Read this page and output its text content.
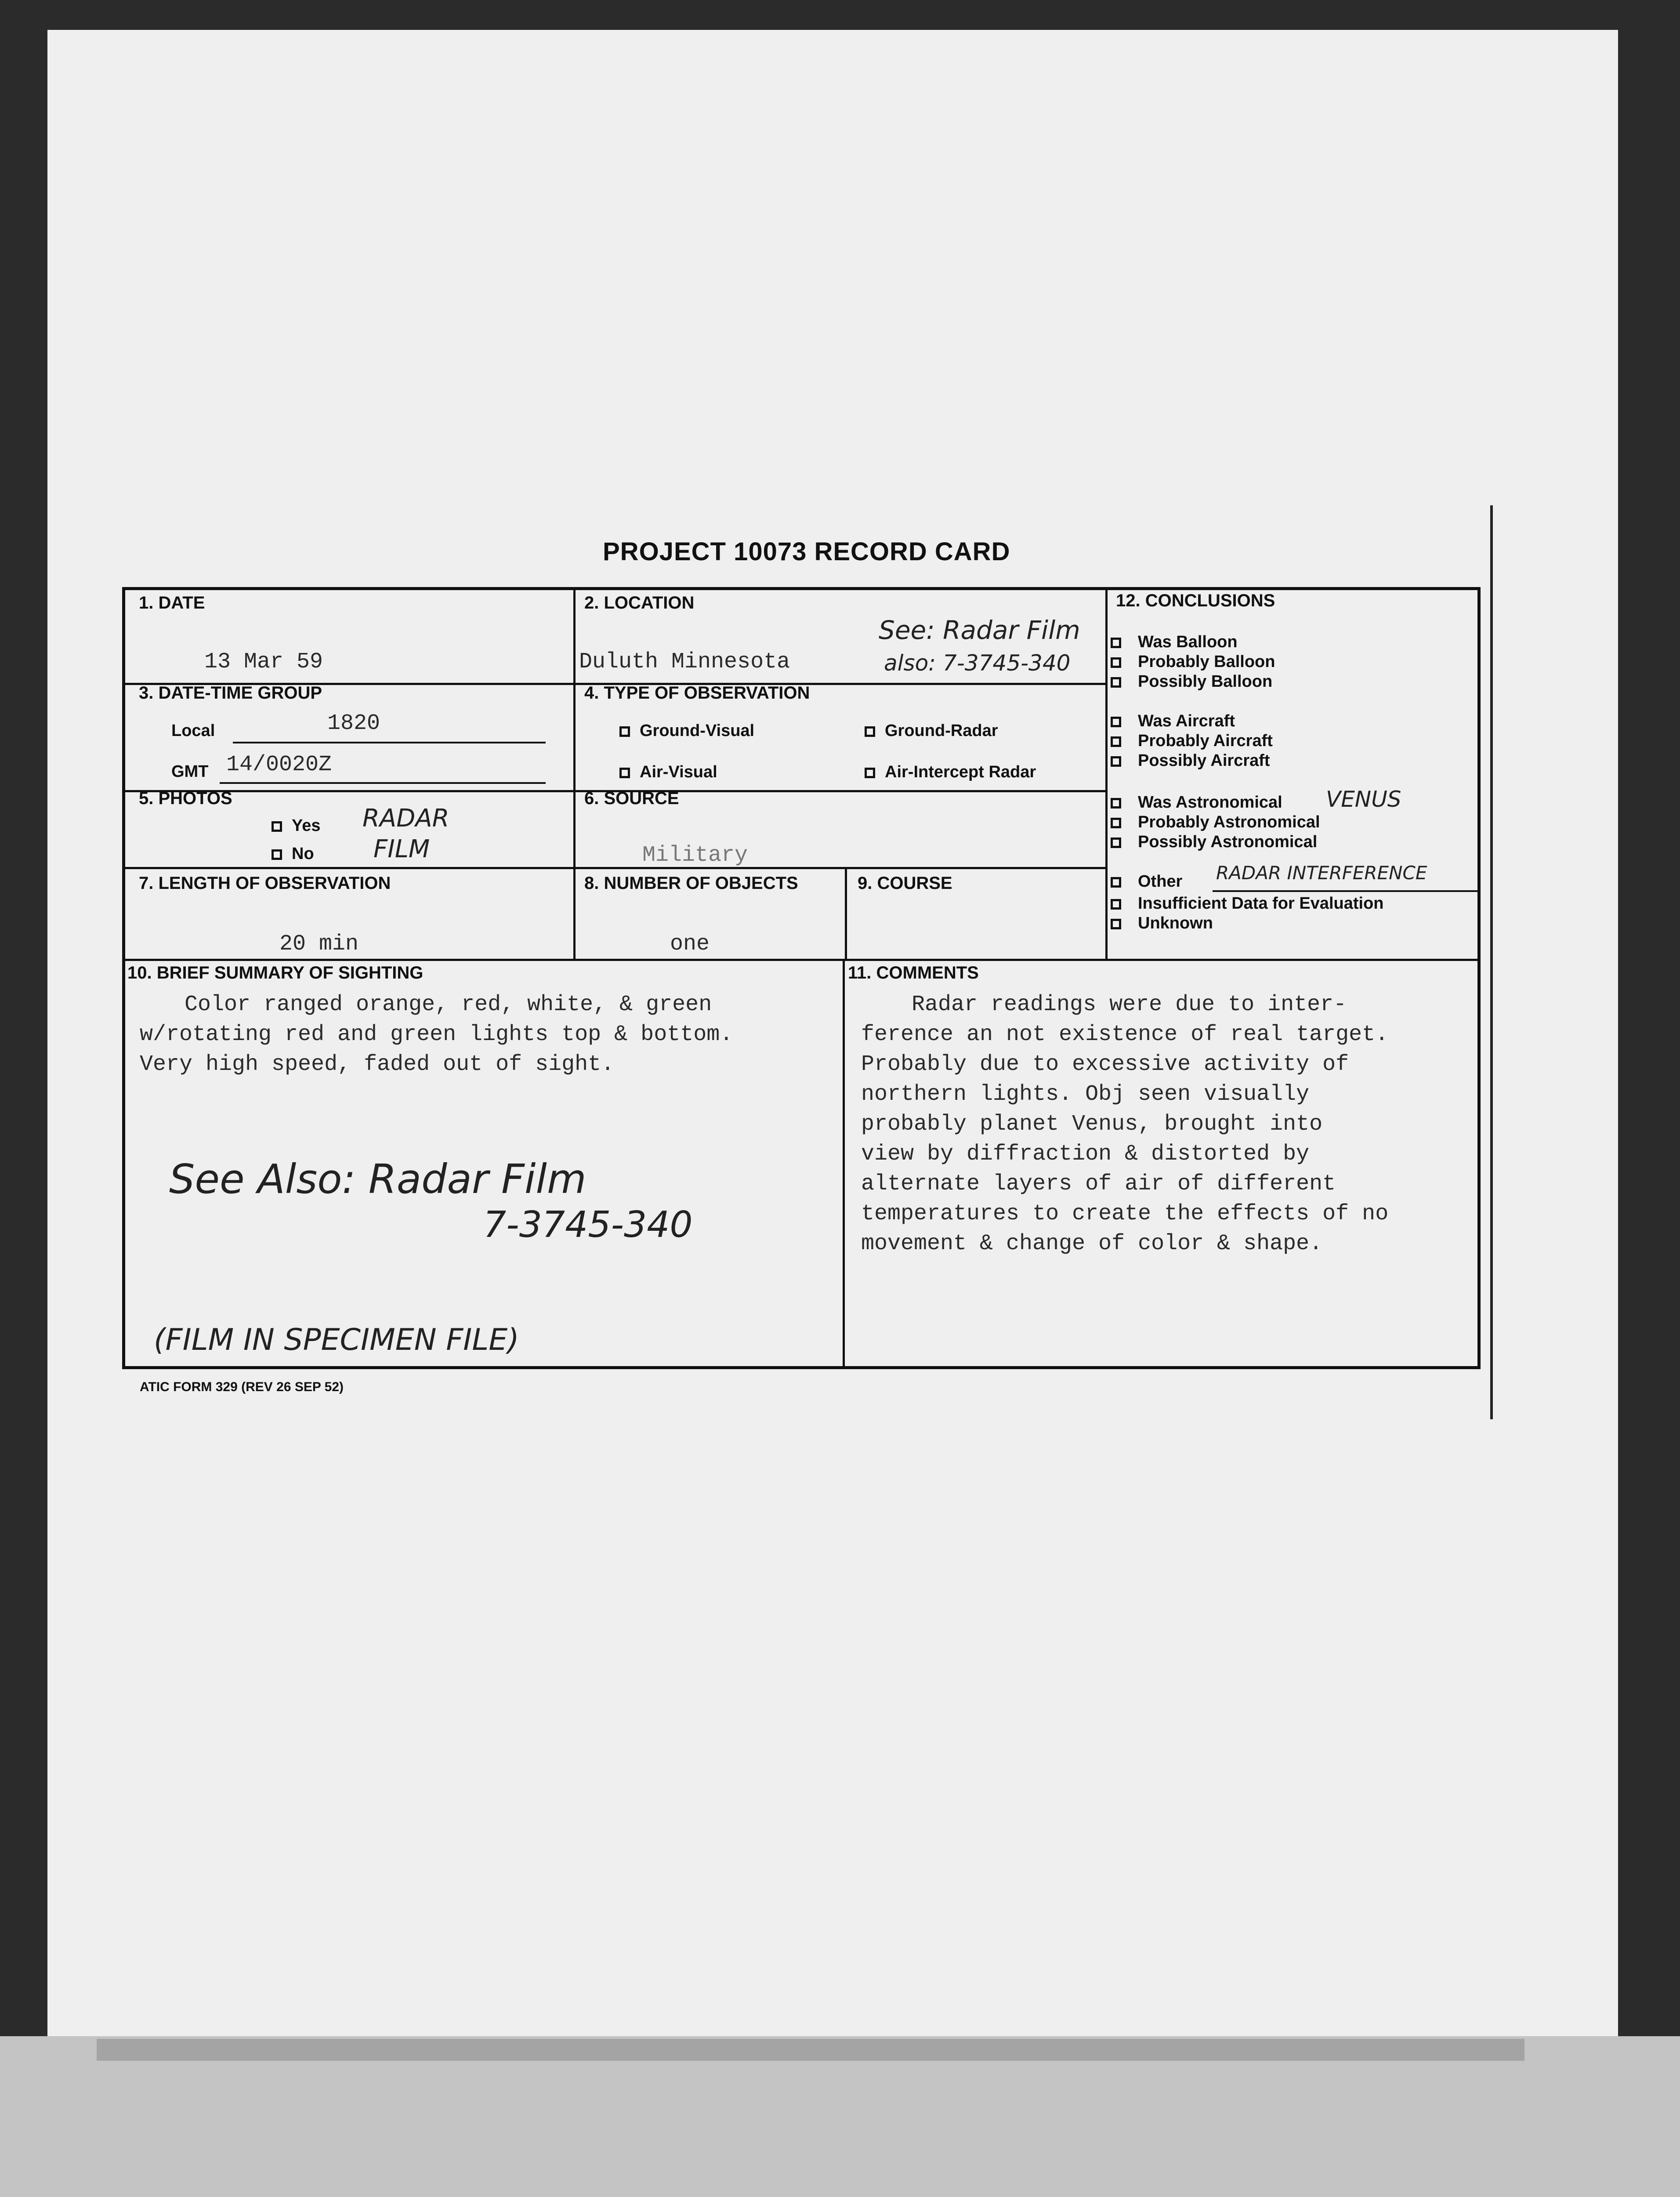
PROJECT 10073 RECORD CARD
1. DATE
13 Mar 59
2. LOCATION
Duluth Minnesota
See: Radar Film
also: 7-3745-340
3. DATE-TIME GROUP
Local	1820
GMT 14/0020Z
4. TYPE OF OBSERVATION
Ground-Visual	Ground-Radar
Air-Visual	Air-Intercept Radar
5. PHOTOS
Yes
No
RADAR
FILM
6. SOURCE
Military
7. LENGTH OF OBSERVATION
20 min
8. NUMBER OF OBJECTS
one
9. COURSE
12. CONCLUSIONS
Was Balloon
Probably Balloon
Possibly Balloon
Was Aircraft
Probably Aircraft
Possibly Aircraft
Was Astronomical VENUS
Probably Astronomical
Possibly Astronomical
Other RADAR INTERFERENCE
Insufficient Data for Evaluation
Unknown
10. BRIEF SUMMARY OF SIGHTING
Color ranged orange, red, white, & green
w/rotating red and green lights top & bottom.
Very high speed, faded out of sight.
See Also: Radar Film
7-3745-340
(FILM IN SPECIMEN FILE)
11. COMMENTS
Radar readings were due to inter-
ference an not existence of real target.
Probably due to excessive activity of
northern lights. Obj seen visually
probably planet Venus, brought into
view by diffraction & distorted by
alternate layers of air of different
temperatures to create the effects of no
movement & change of color & shape.
ATIC FORM 329 (REV 26 SEP 52)
